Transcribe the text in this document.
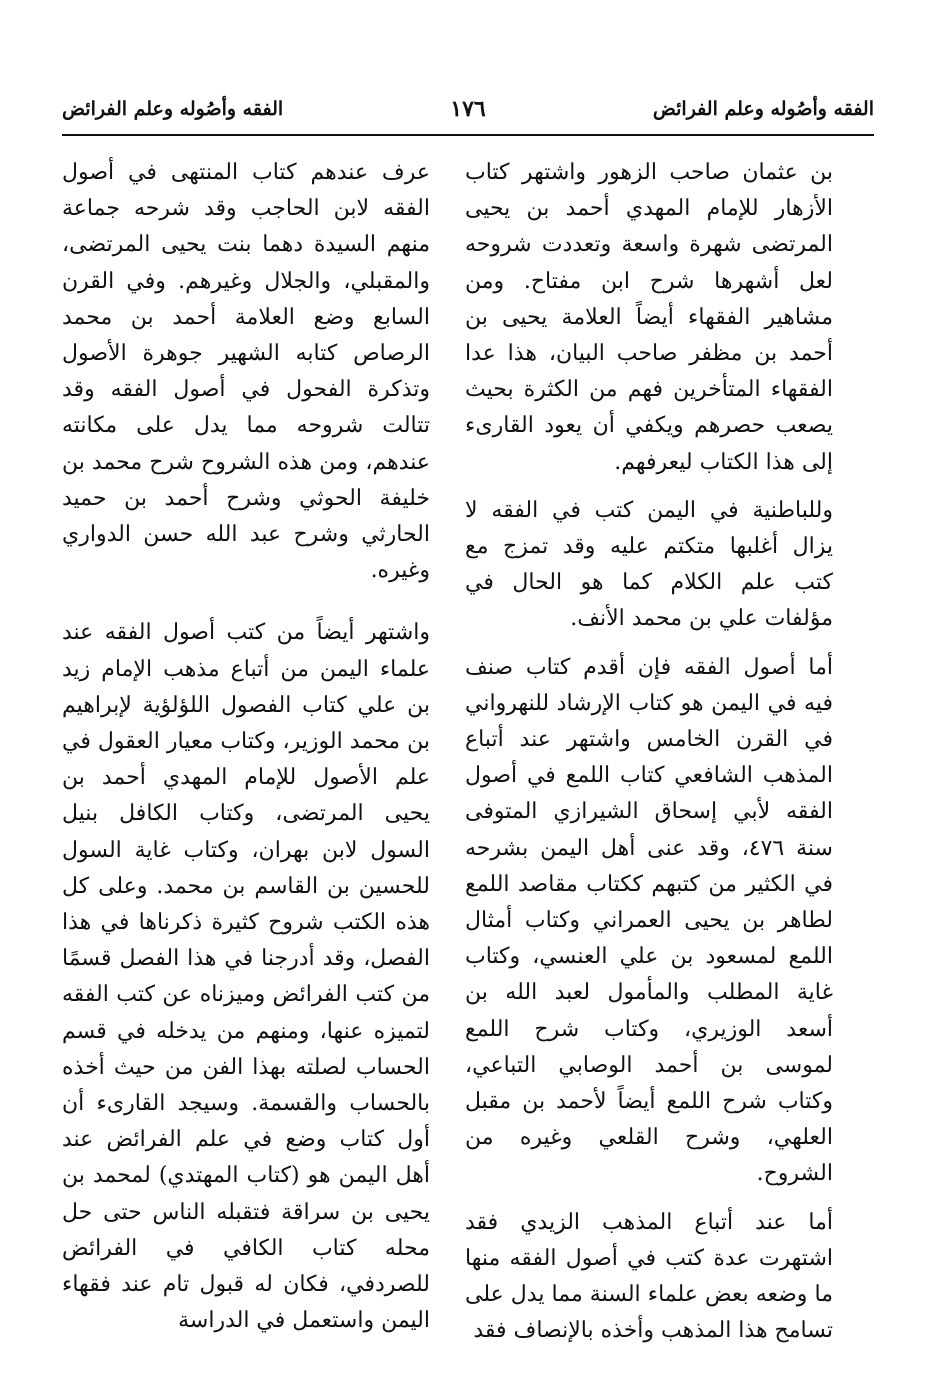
الفقه وأصُوله وعلم الفرائض
١٧٦
الفقه وأصُوله وعلم الفرائض

بن عثمان صاحب الزهور واشتهر كتاب الأزهار للإمام المهدي أحمد بن يحيى المرتضى شهرة واسعة وتعددت شروحه لعل أشهرها شرح ابن مفتاح. ومن مشاهير الفقهاء أيضاً العلامة يحيى بن أحمد بن مظفر صاحب البيان، هذا عدا الفقهاء المتأخرين فهم من الكثرة بحيث يصعب حصرهم ويكفي أن يعود القارىء إلى هذا الكتاب ليعرفهم.

وللباطنية في اليمن كتب في الفقه لا يزال أغلبها متكتم عليه وقد تمزج مع كتب علم الكلام كما هو الحال في مؤلفات علي بن محمد الأنف.

أما أصول الفقه فإن أقدم كتاب صنف فيه في اليمن هو كتاب الإرشاد للنهرواني في القرن الخامس واشتهر عند أتباع المذهب الشافعي كتاب اللمع في أصول الفقه لأبي إسحاق الشيرازي المتوفى سنة ٤٧٦، وقد عنى أهل اليمن بشرحه في الكثير من كتبهم ككتاب مقاصد اللمع لطاهر بن يحيى العمراني وكتاب أمثال اللمع لمسعود بن علي العنسي، وكتاب غاية المطلب والمأمول لعبد الله بن أسعد الوزيري، وكتاب شرح اللمع لموسى بن أحمد الوصابي التباعي، وكتاب شرح اللمع أيضاً لأحمد بن مقبل العلهي، وشرح القلعي وغيره من الشروح.

أما عند أتباع المذهب الزيدي فقد اشتهرت عدة كتب في أصول الفقه منها ما وضعه بعض علماء السنة مما يدل على تسامح هذا المذهب وأخذه بالإنصاف فقد

عرف عندهم كتاب المنتهى في أصول الفقه لابن الحاجب وقد شرحه جماعة منهم السيدة دهما بنت يحيى المرتضى، والمقبلي، والجلال وغيرهم. وفي القرن السابع وضع العلامة أحمد بن محمد الرصاص كتابه الشهير جوهرة الأصول وتذكرة الفحول في أصول الفقه وقد تتالت شروحه مما يدل على مكانته عندهم، ومن هذه الشروح شرح محمد بن خليفة الحوثي وشرح أحمد بن حميد الحارثي وشرح عبد الله حسن الدواري وغيره.

واشتهر أيضاً من كتب أصول الفقه عند علماء اليمن من أتباع مذهب الإمام زيد بن علي كتاب الفصول اللؤلؤية لإبراهيم بن محمد الوزير، وكتاب معيار العقول في علم الأصول للإمام المهدي أحمد بن يحيى المرتضى، وكتاب الكافل بنيل السول لابن بهران، وكتاب غاية السول للحسين بن القاسم بن محمد. وعلى كل هذه الكتب شروح كثيرة ذكرناها في هذا الفصل، وقد أدرجنا في هذا الفصل قسمًا من كتب الفرائض وميزناه عن كتب الفقه لتميزه عنها، ومنهم من يدخله في قسم الحساب لصلته بهذا الفن من حيث أخذه بالحساب والقسمة. وسيجد القارىء أن أول كتاب وضع في علم الفرائض عند أهل اليمن هو (كتاب المهتدي) لمحمد بن يحيى بن سراقة فتقبله الناس حتى حل محله كتاب الكافي في الفرائض للصردفي، فكان له قبول تام عند فقهاء اليمن واستعمل في الدراسة
